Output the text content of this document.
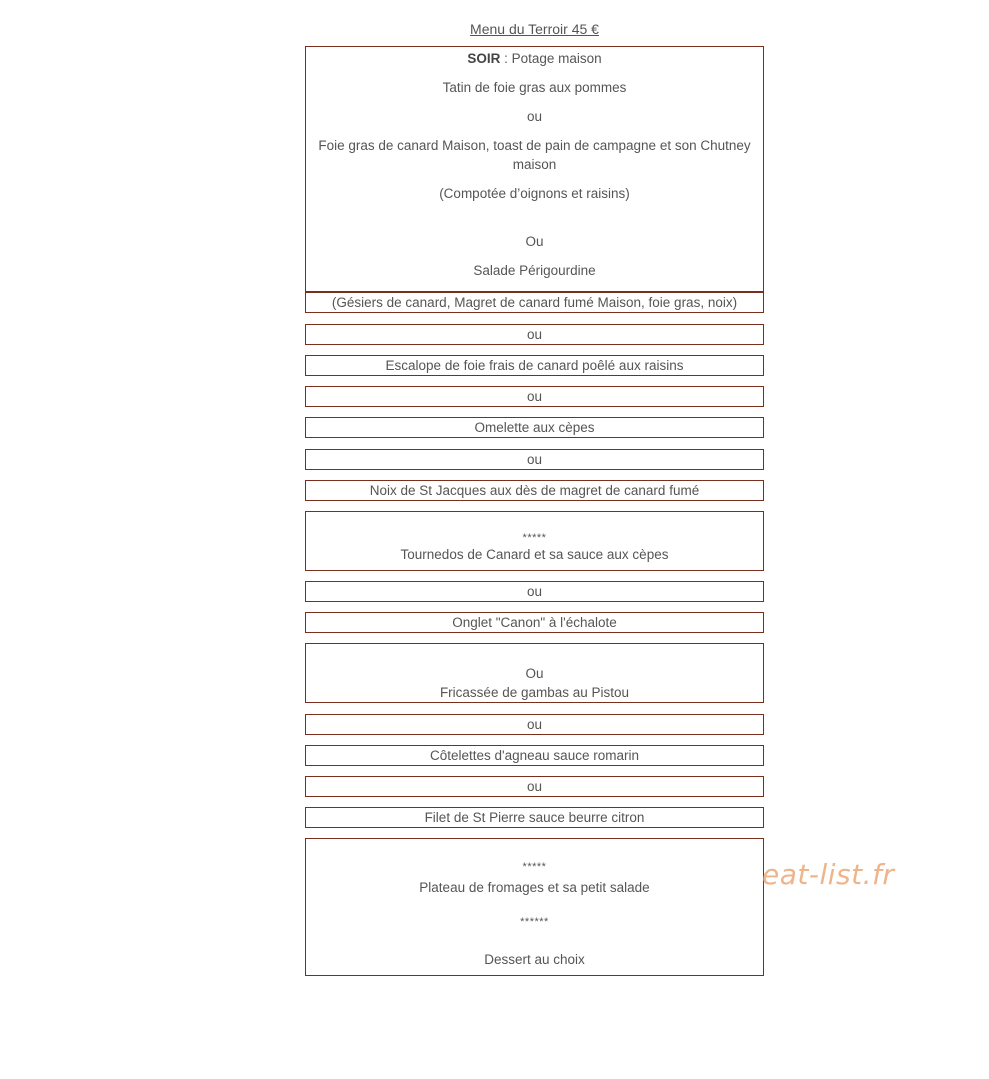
Menu du Terroir 45 €

SOIR : Potage maison

Tatin de foie gras aux pommes

ou

Foie gras de canard Maison, toast de pain de campagne et son Chutney

maison

(Compotée d’oignons et raisins)

Ou

Salade Périgourdine

(Gésiers de canard, Magret de canard fumé Maison, foie gras, noix)
ou
Escalope de foie frais de canard poêlé aux raisins
ou
Omelette aux cèpes
ou
Noix de St Jacques aux dès de magret de canard fumé

*****

Tournedos de Canard et sa sauce aux cèpes

ou
Onglet "Canon" à l'échalote

Ou

Fricassée de gambas au Pistou

ou
Côtelettes d'agneau sauce romarin
ou
Filet de St Pierre sauce beurre citron

*****

Plateau de fromages et sa petit salade

******

Dessert au choix

eat-list.fr
